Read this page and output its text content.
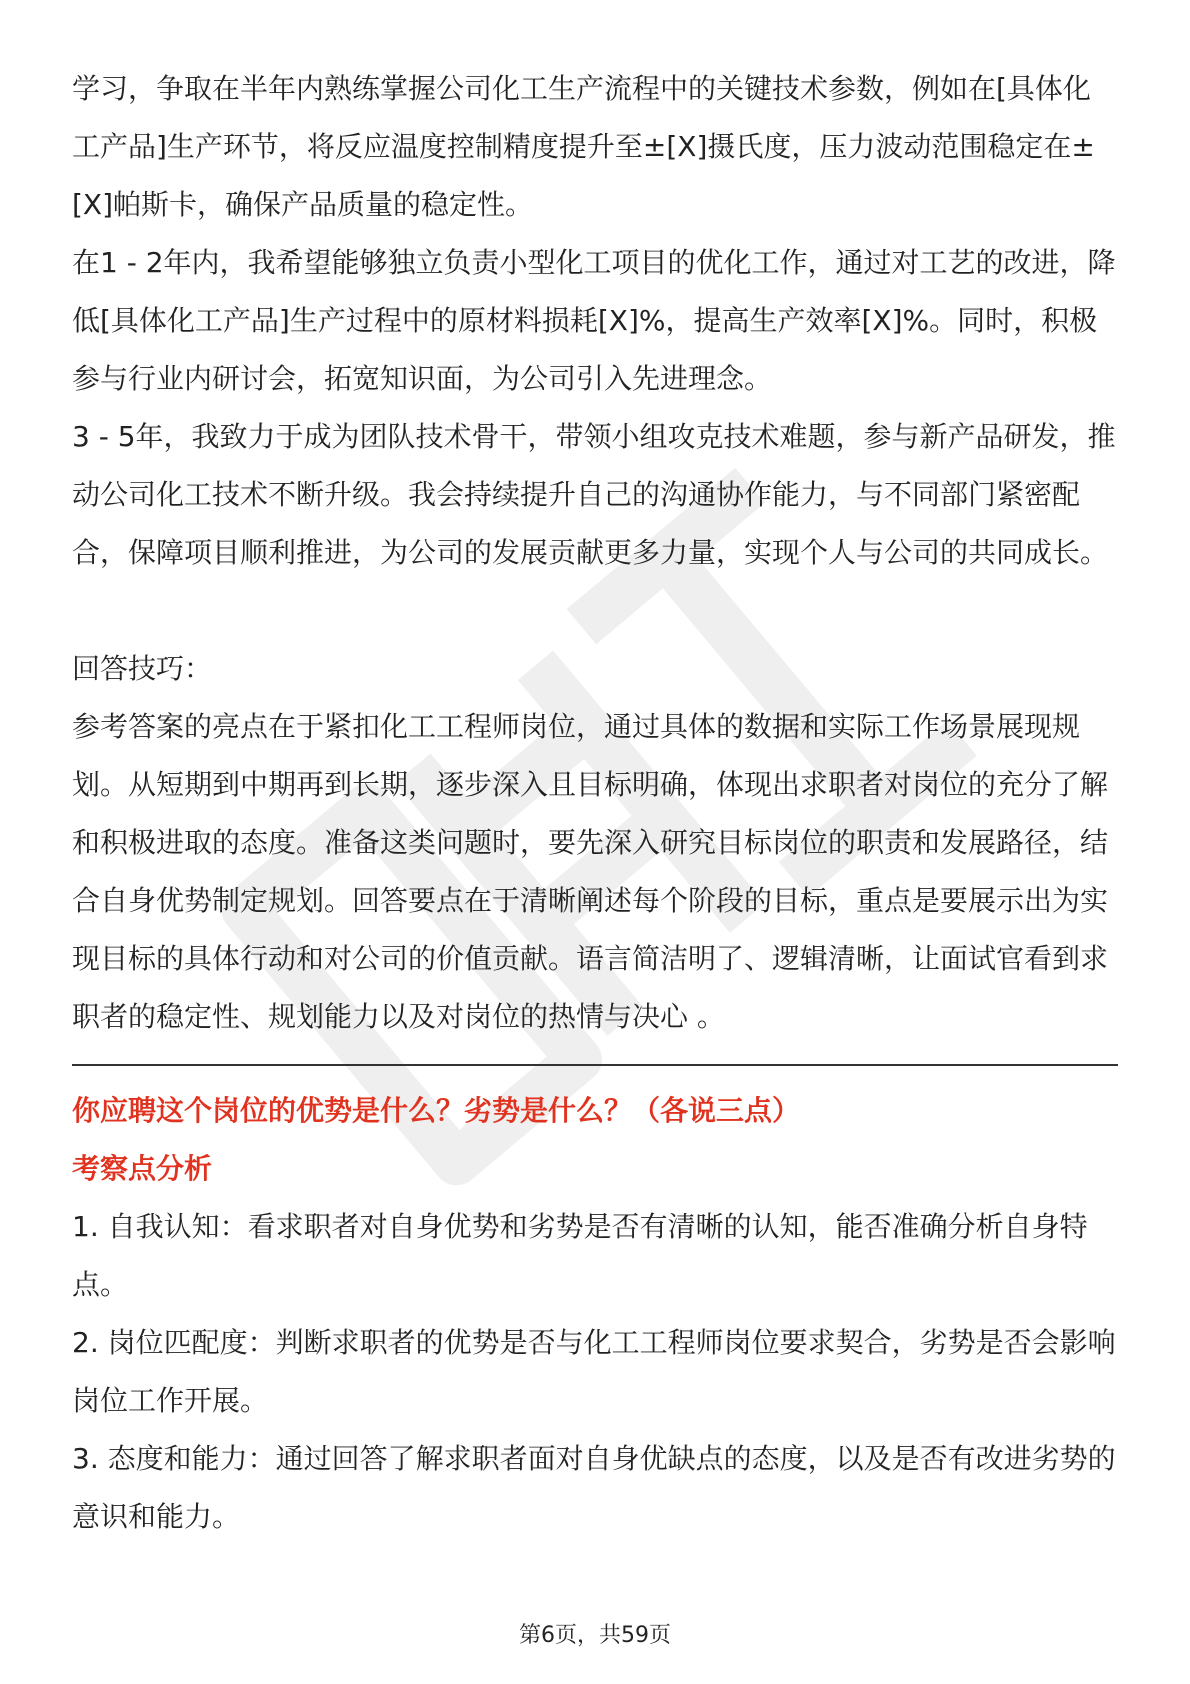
学习，争取在半年内熟练掌握公司化工生产流程中的关键技术参数，例如在[具体化工产品]生产环节，将反应温度控制精度提升至±[X]摄氏度，压力波动范围稳定在±[X]帕斯卡，确保产品质量的稳定性。

在1 - 2年内，我希望能够独立负责小型化工项目的优化工作，通过对工艺的改进，降低[具体化工产品]生产过程中的原材料损耗[X]%，提高生产效率[X]%。同时，积极参与行业内研讨会，拓宽知识面，为公司引入先进理念。

3 - 5年，我致力于成为团队技术骨干，带领小组攻克技术难题，参与新产品研发，推动公司化工技术不断升级。我会持续提升自己的沟通协作能力，与不同部门紧密配合，保障项目顺利推进，为公司的发展贡献更多力量，实现个人与公司的共同成长。

回答技巧：

参考答案的亮点在于紧扣化工工程师岗位，通过具体的数据和实际工作场景展现规划。从短期到中期再到长期，逐步深入且目标明确，体现出求职者对岗位的充分了解和积极进取的态度。准备这类问题时，要先深入研究目标岗位的职责和发展路径，结合自身优势制定规划。回答要点在于清晰阐述每个阶段的目标，重点是要展示出为实现目标的具体行动和对公司的价值贡献。语言简洁明了、逻辑清晰，让面试官看到求职者的稳定性、规划能力以及对岗位的热情与决心 。

你应聘这个岗位的优势是什么？劣势是什么？（各说三点）

考察点分析

1. 自我认知：看求职者对自身优势和劣势是否有清晰的认知，能否准确分析自身特点。

2. 岗位匹配度：判断求职者的优势是否与化工工程师岗位要求契合，劣势是否会影响岗位工作开展。

3. 态度和能力：通过回答了解求职者面对自身优缺点的态度，以及是否有改进劣势的意识和能力。

第6页，共59页
